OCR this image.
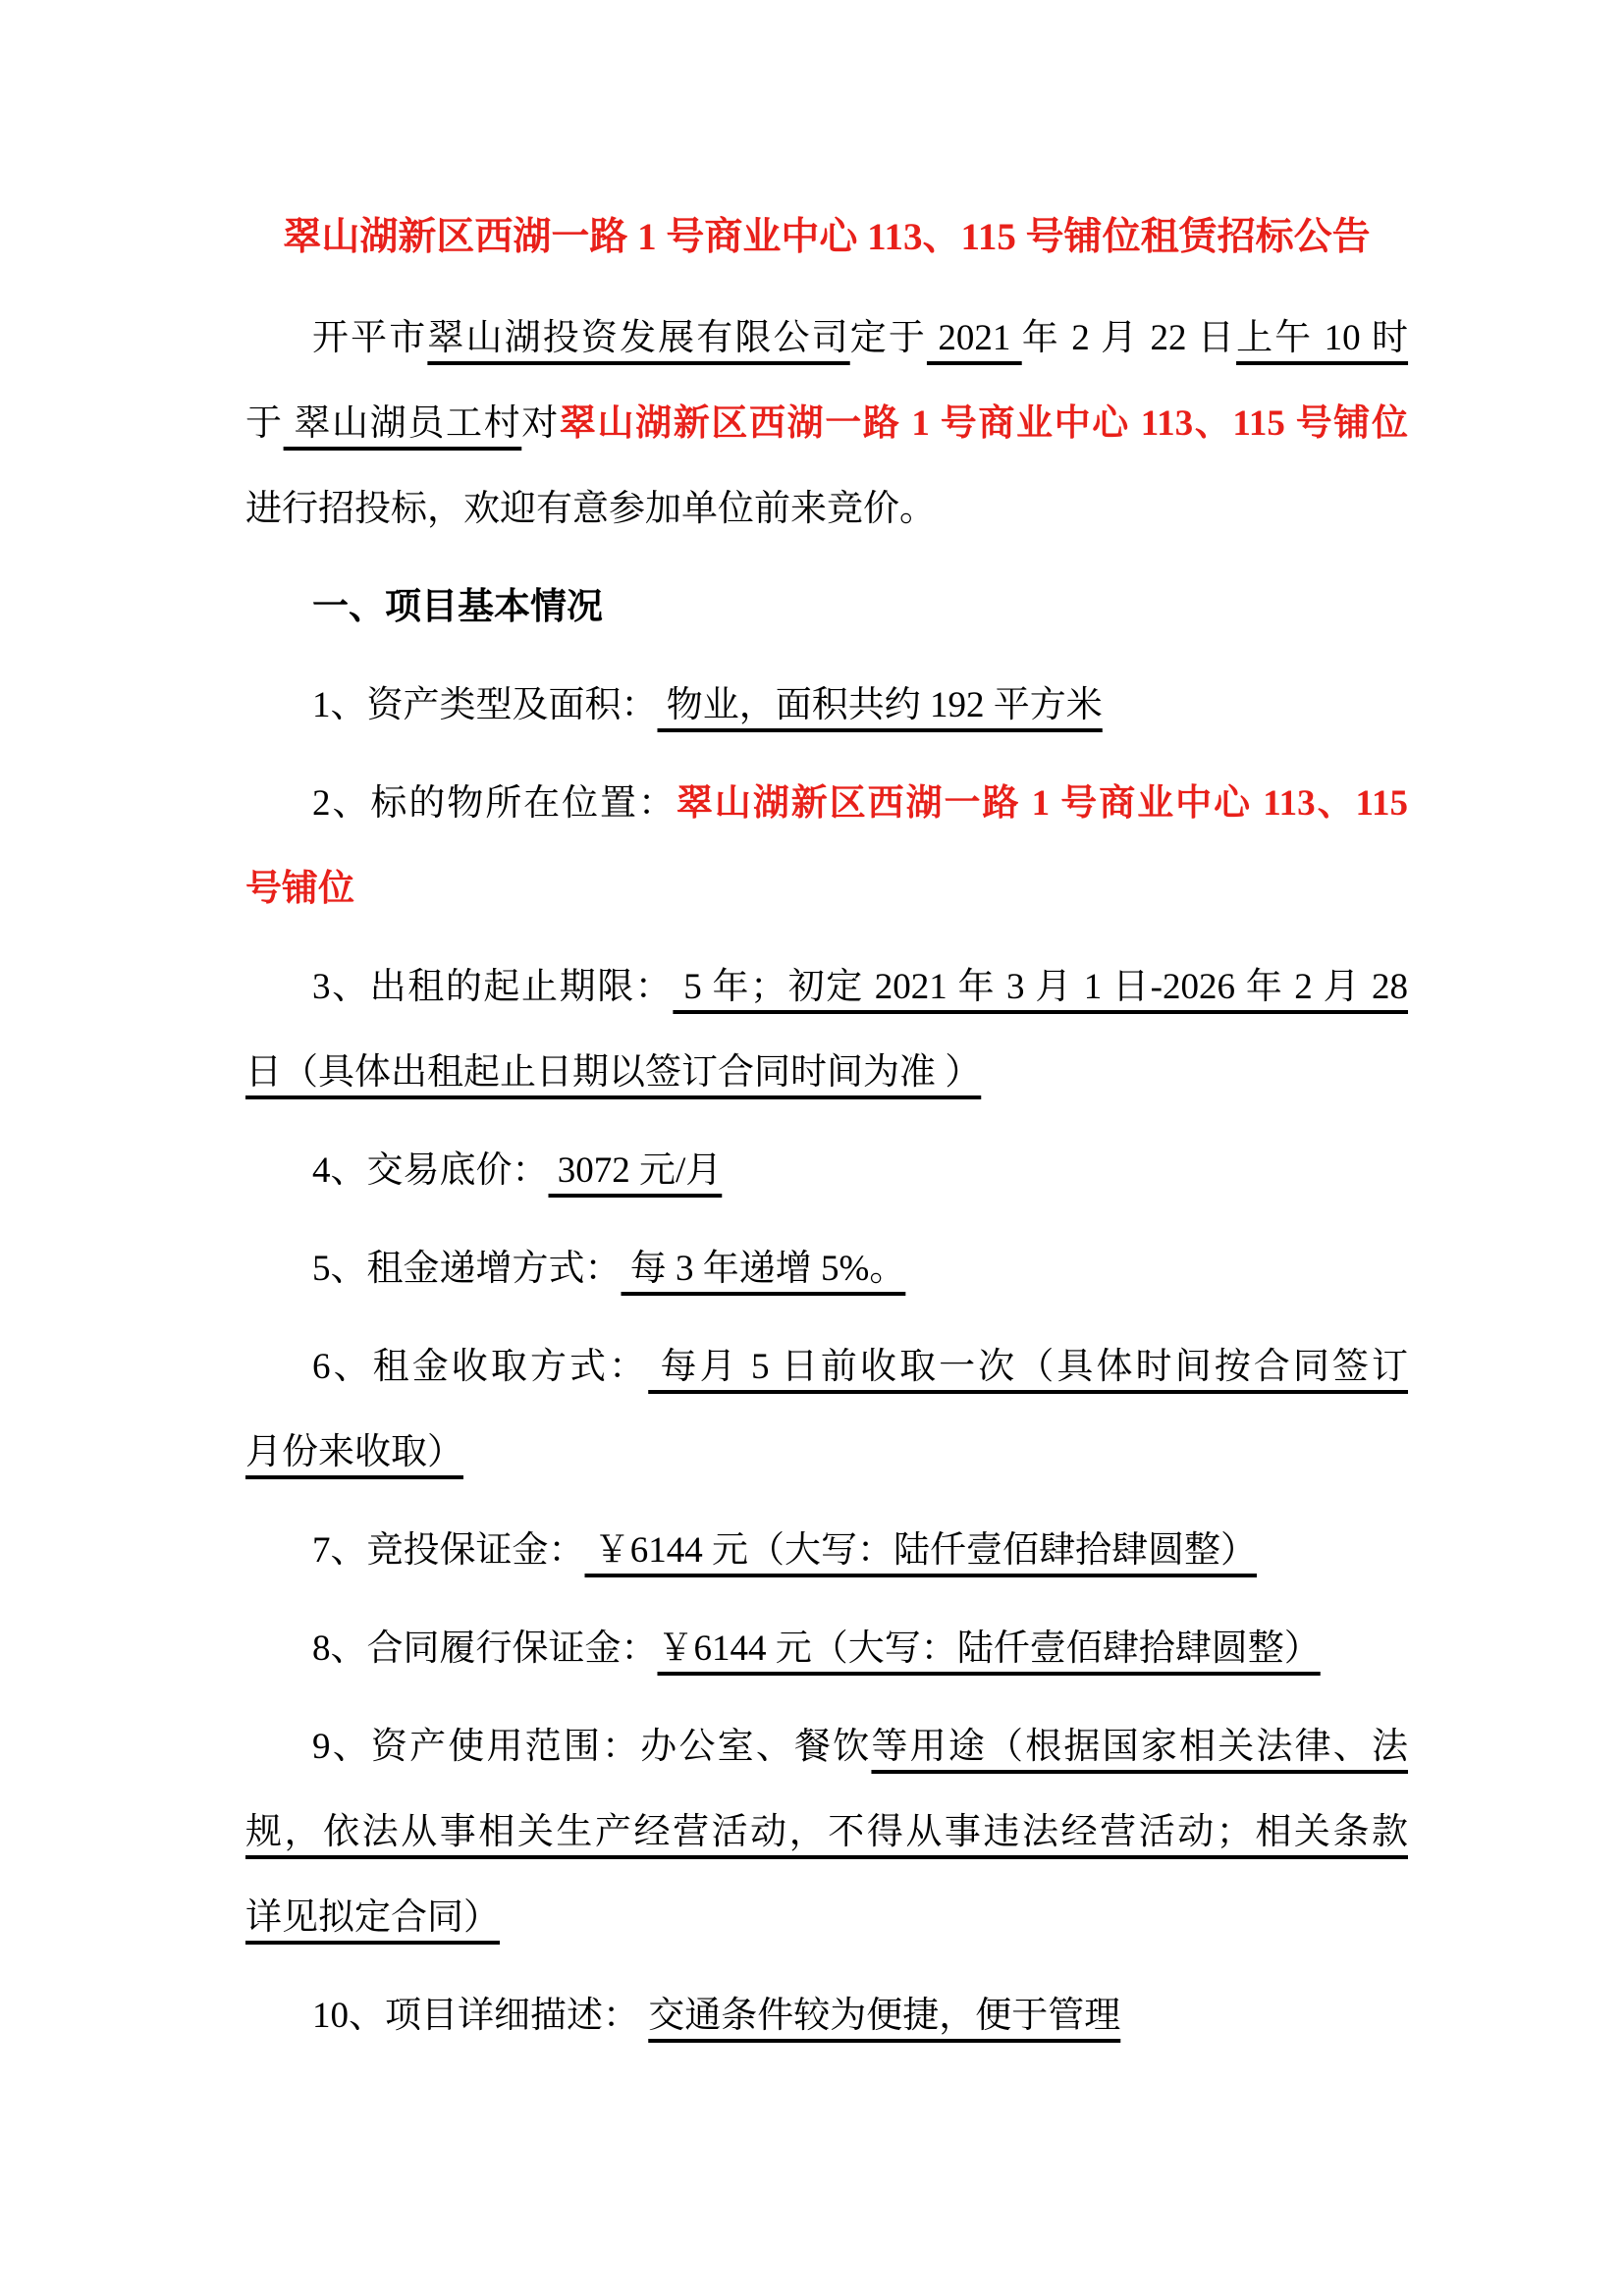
翠山湖新区西湖一路 1 号商业中心 113、115 号铺位租赁招标公告
开平市翠山湖投资发展有限公司定于 2021 年 2 月 22 日上午 10 时
于 翠山湖员工村对翠山湖新区西湖一路 1 号商业中心 113、115 号铺位
进行招投标，欢迎有意参加单位前来竞价。
一、项目基本情况
1、资产类型及面积： 物业，面积共约 192 平方米
2、标的物所在位置：翠山湖新区西湖一路 1 号商业中心 113、115
号铺位
3、出租的起止期限： 5 年；初定 2021 年 3 月 1 日-2026 年 2 月 28
日（具体出租起止日期以签订合同时间为准 ）
4、交易底价： 3072 元/月
5、租金递增方式： 每 3 年递增 5%。
6、租金收取方式： 每月 5 日前收取一次（具体时间按合同签订
月份来收取）
7、竞投保证金： ￥6144 元（大写：陆仟壹佰肆拾肆圆整）
8、合同履行保证金：￥6144 元（大写：陆仟壹佰肆拾肆圆整）
9、资产使用范围：办公室、餐饮等用途（根据国家相关法律、法
规，依法从事相关生产经营活动，不得从事违法经营活动；相关条款
详见拟定合同）
10、项目详细描述： 交通条件较为便捷，便于管理
